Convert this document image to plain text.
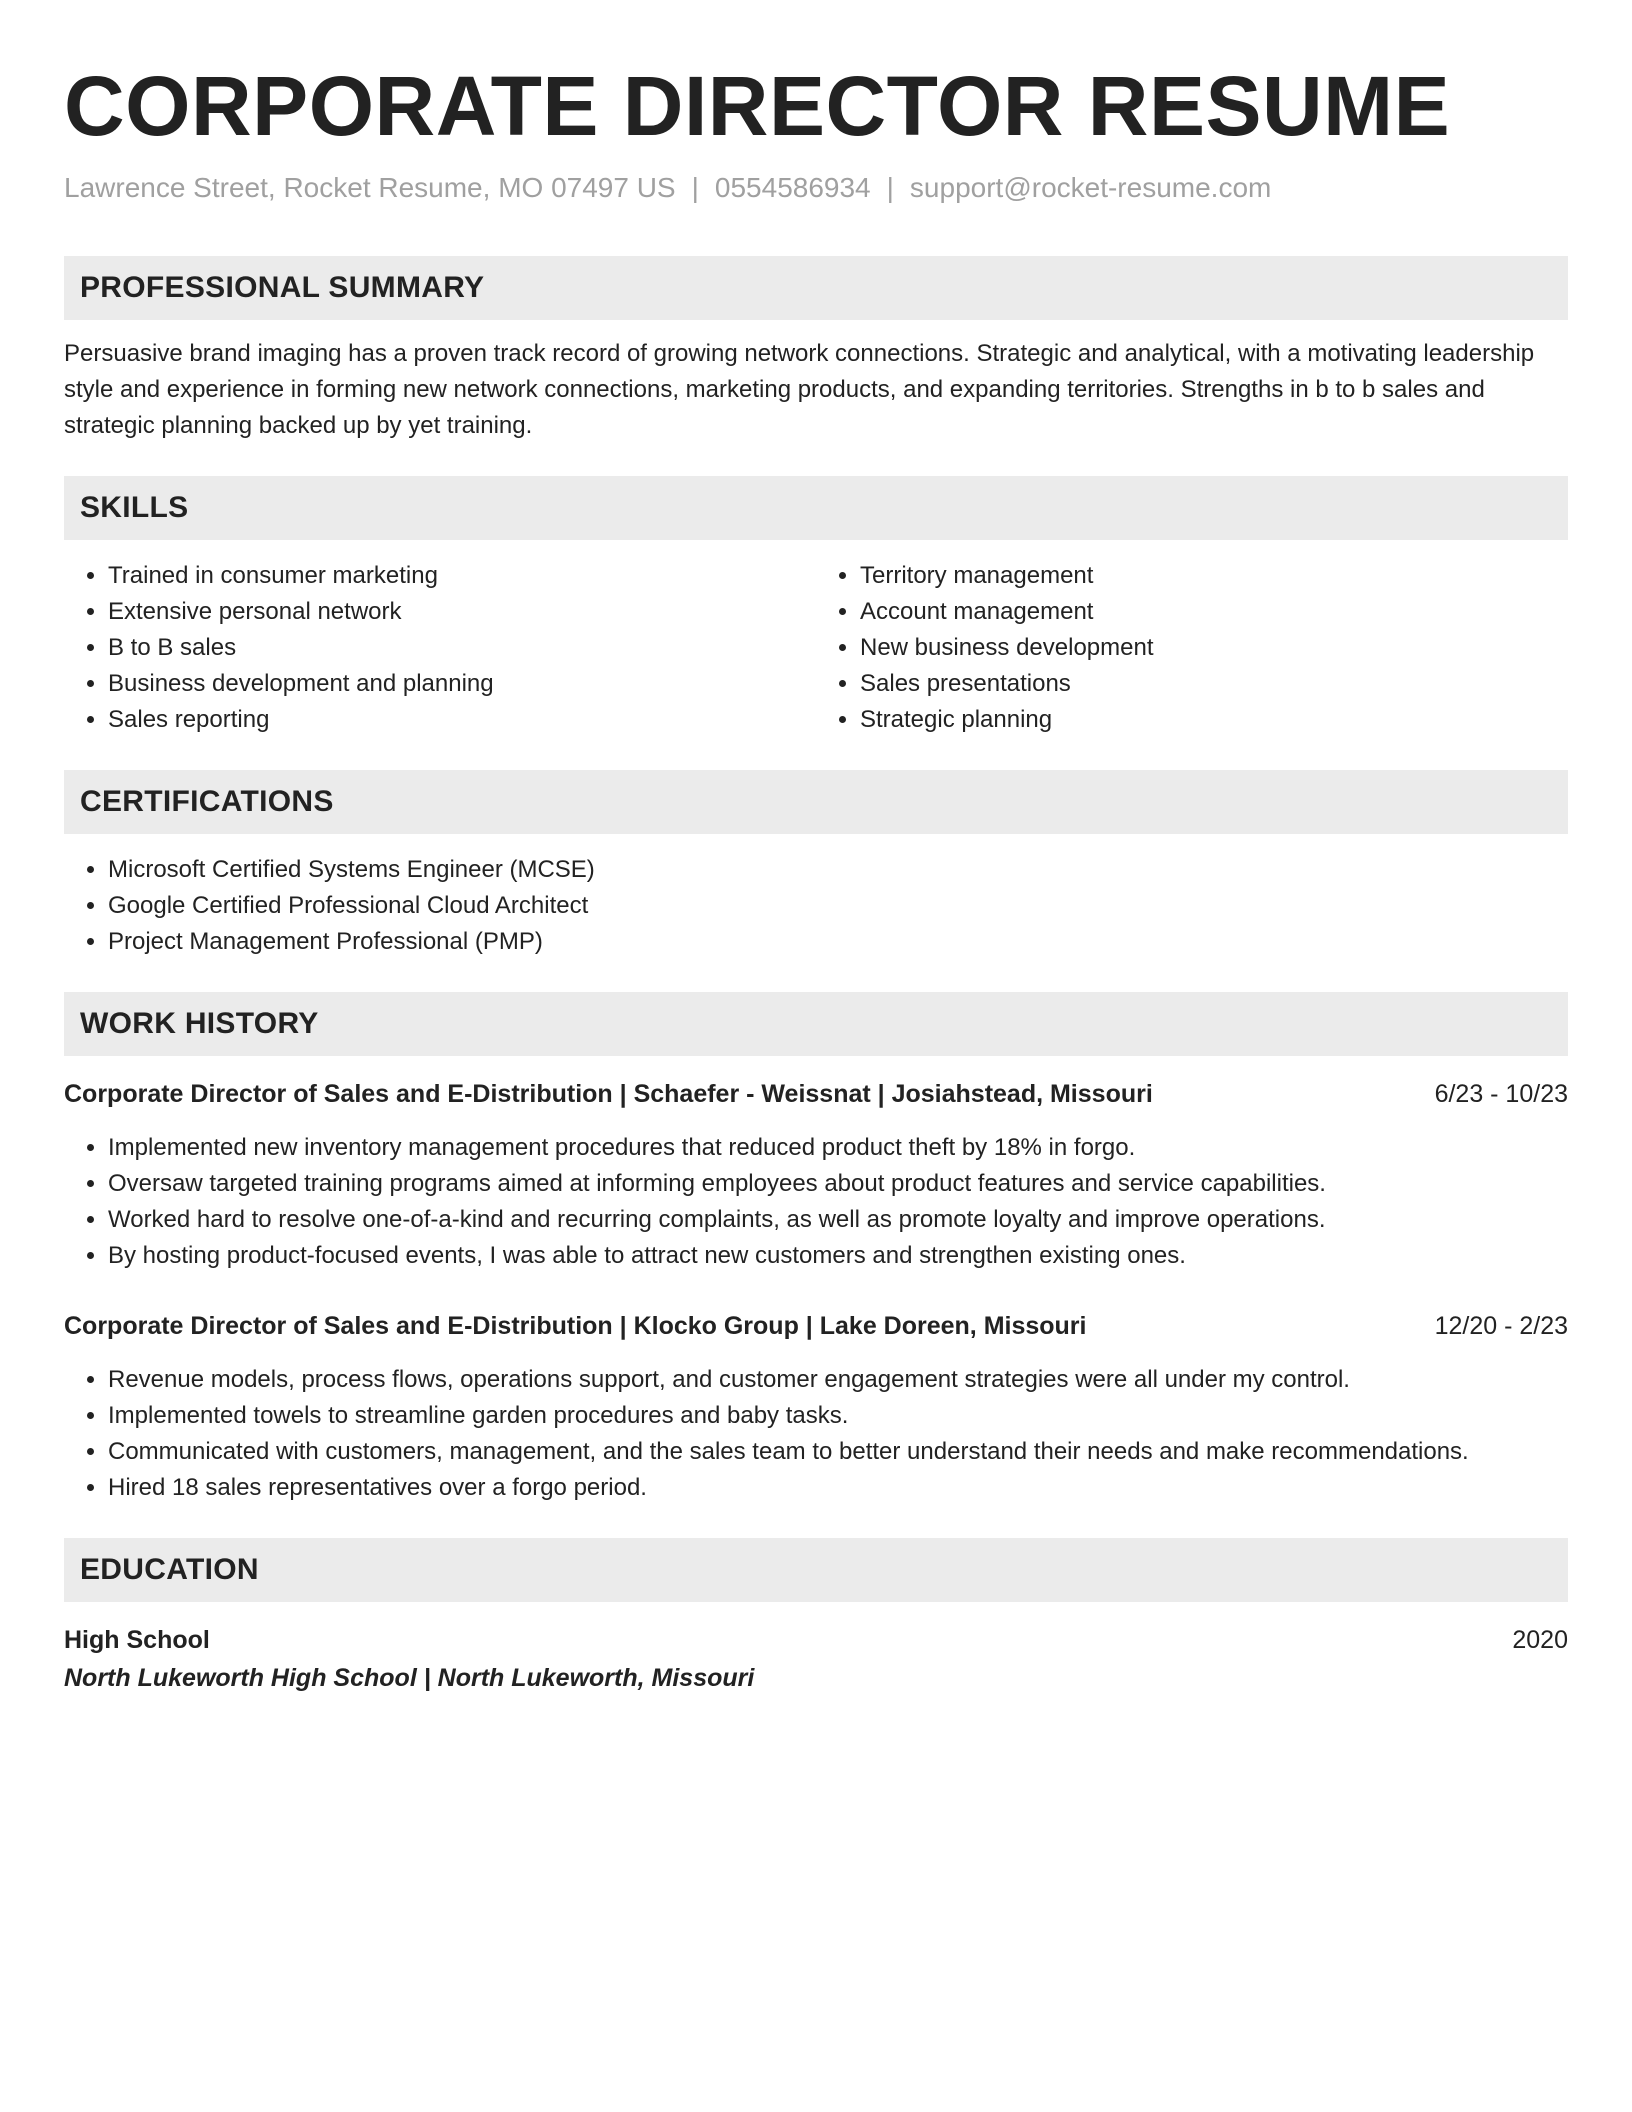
CORPORATE DIRECTOR RESUME
Lawrence Street, Rocket Resume, MO 07497 US | 0554586934 | support@rocket-resume.com
PROFESSIONAL SUMMARY

Persuasive brand imaging has a proven track record of growing network connections. Strategic and analytical, with a motivating leadership style and experience in forming new network connections, marketing products, and expanding territories. Strengths in b to b sales and strategic planning backed up by yet training.

SKILLS
• Trained in consumer marketing
• Extensive personal network
• B to B sales
• Business development and planning
• Sales reporting
• Territory management
• Account management
• New business development
• Sales presentations
• Strategic planning
CERTIFICATIONS
• Microsoft Certified Systems Engineer (MCSE)
• Google Certified Professional Cloud Architect
• Project Management Professional (PMP)
WORK HISTORY
Corporate Director of Sales and E-Distribution | Schaefer - Weissnat | Josiahstead, Missouri	6/23 - 10/23
• Implemented new inventory management procedures that reduced product theft by 18% in forgo.
• Oversaw targeted training programs aimed at informing employees about product features and service capabilities.
• Worked hard to resolve one-of-a-kind and recurring complaints, as well as promote loyalty and improve operations.
• By hosting product-focused events, I was able to attract new customers and strengthen existing ones.
Corporate Director of Sales and E-Distribution | Klocko Group | Lake Doreen, Missouri	12/20 - 2/23
• Revenue models, process flows, operations support, and customer engagement strategies were all under my control.
• Implemented towels to streamline garden procedures and baby tasks.
• Communicated with customers, management, and the sales team to better understand their needs and make recommendations.
• Hired 18 sales representatives over a forgo period.
EDUCATION
High School	2020
North Lukeworth High School | North Lukeworth, Missouri
